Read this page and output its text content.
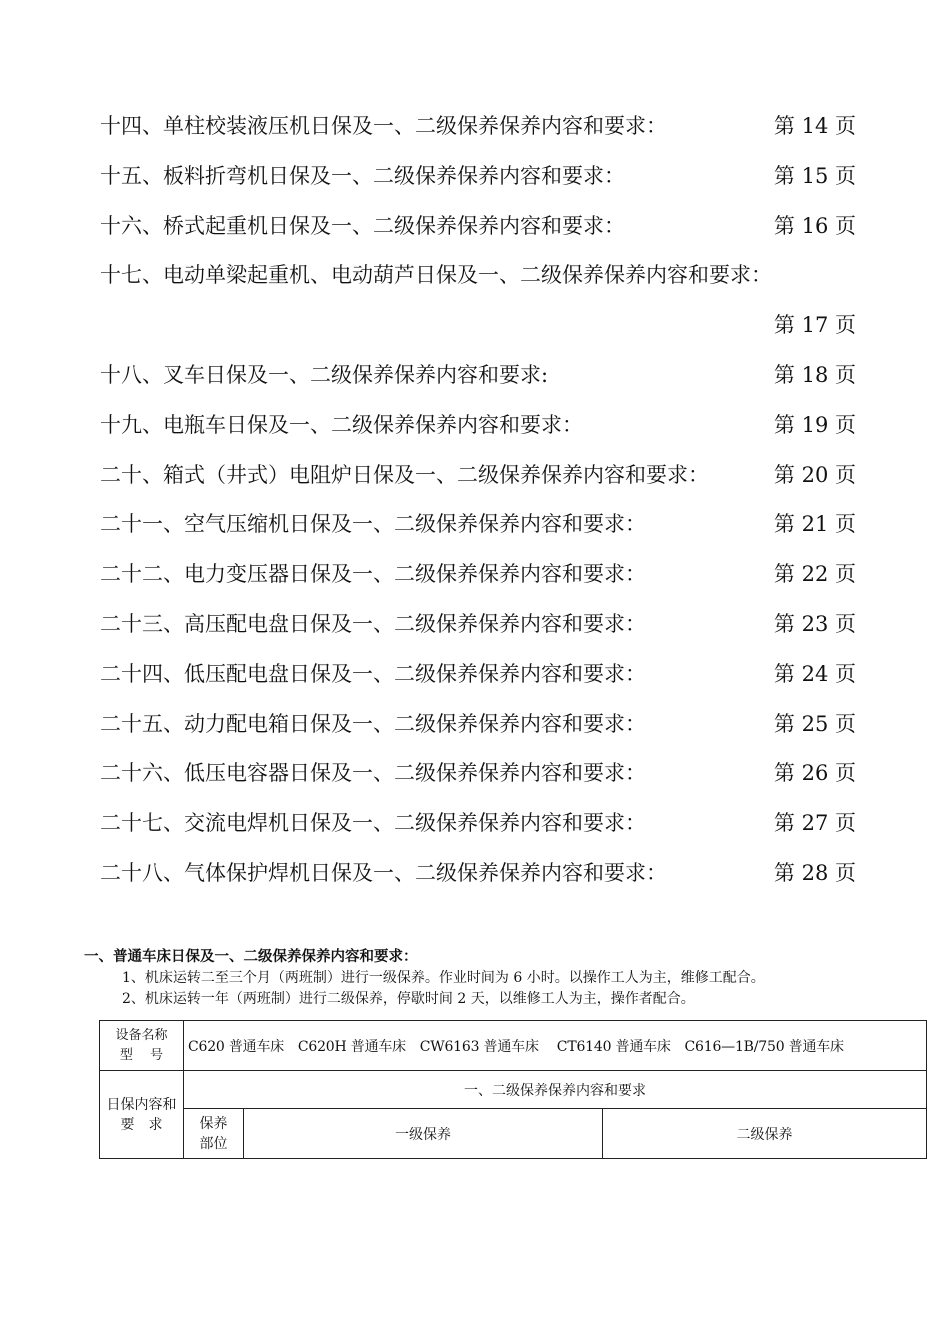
十四、单柱校装液压机日保及一、二级保养保养内容和要求：	第 14 页
十五、板料折弯机日保及一、二级保养保养内容和要求：	第 15 页
十六、桥式起重机日保及一、二级保养保养内容和要求：	第 16 页
十七、电动单梁起重机、电动葫芦日保及一、二级保养保养内容和要求：
第 17 页
十八、叉车日保及一、二级保养保养内容和要求:	第 18 页
十九、电瓶车日保及一、二级保养保养内容和要求：	第 19 页
二十、箱式（井式）电阻炉日保及一、二级保养保养内容和要求：	第 20 页
二十一、空气压缩机日保及一、二级保养保养内容和要求：	第 21 页
二十二、电力变压器日保及一、二级保养保养内容和要求：	第 22 页
二十三、高压配电盘日保及一、二级保养保养内容和要求：	第 23 页
二十四、低压配电盘日保及一、二级保养保养内容和要求：	第 24 页
二十五、动力配电箱日保及一、二级保养保养内容和要求：	第 25 页
二十六、低压电容器日保及一、二级保养保养内容和要求：	第 26 页
二十七、交流电焊机日保及一、二级保养保养内容和要求：	第 27 页
二十八、气体保护焊机日保及一、二级保养保养内容和要求：	第 28 页

一、普通车床日保及一、二级保养保养内容和要求：

1、机床运转二至三个月（两班制）进行一级保养。作业时间为 6 小时。以操作工人为主，维修工配合。
2、机床运转一年（两班制）进行二级保养，停歇时间 2 天，以维修工人为主，操作者配合。
设备名称
型　 号	C620 普通车床　C620H 普通车床　CW6163 普通车床　 CT6140 普通车床　C616—1B/750 普通车床		

日保内容和
要　求	一、二级保养保养内容和要求		

	保养
部位	一级保养	二级保养
